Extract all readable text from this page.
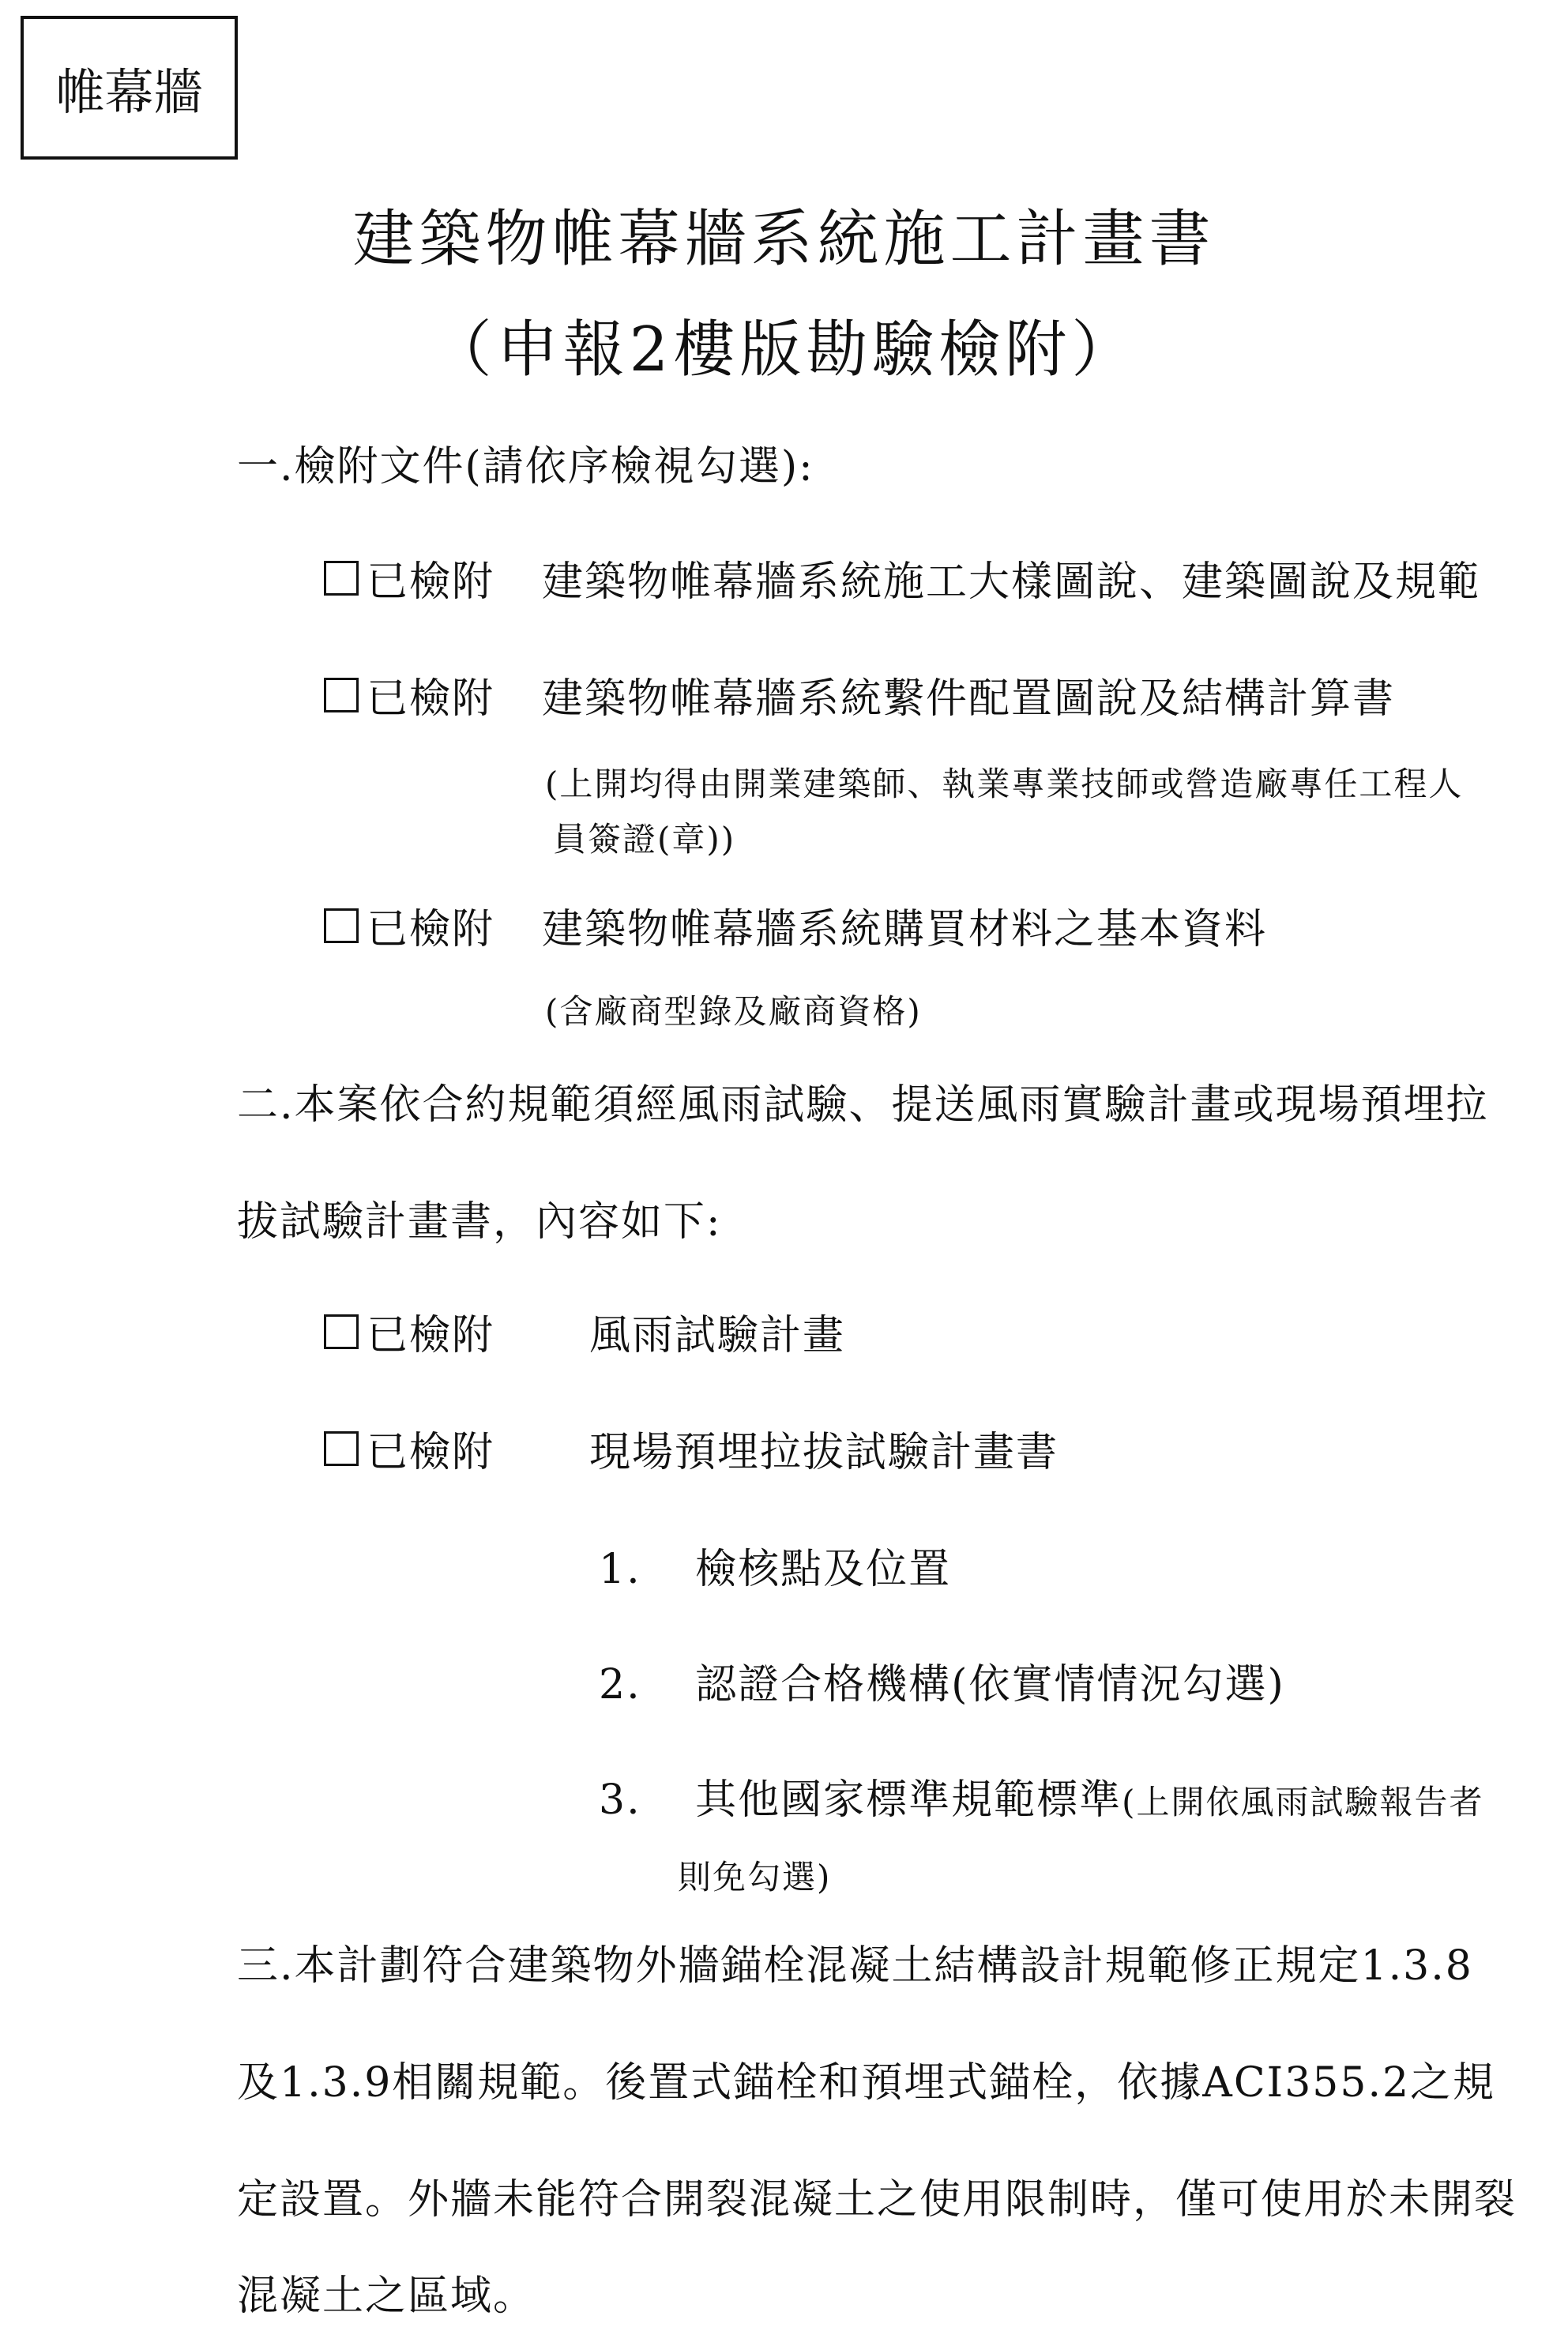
帷幕牆
建築物帷幕牆系統施工計畫書
（申報2樓版勘驗檢附）
一.檢附文件(請依序檢視勾選):
已檢附 建築物帷幕牆系統施工大樣圖說、建築圖說及規範
已檢附 建築物帷幕牆系統繫件配置圖說及結構計算書
(上開均得由開業建築師、執業專業技師或營造廠專任工程人
員簽證(章))
已檢附 建築物帷幕牆系統購買材料之基本資料
(含廠商型錄及廠商資格)
二.本案依合約規範須經風雨試驗、提送風雨實驗計畫或現場預埋拉
拔試驗計畫書，內容如下:
已檢附 風雨試驗計畫
已檢附 現場預埋拉拔試驗計畫書
1. 檢核點及位置
2. 認證合格機構(依實情情況勾選)
3. 其他國家標準規範標準(上開依風雨試驗報告者
則免勾選)
三.本計劃符合建築物外牆錨栓混凝土結構設計規範修正規定1.3.8
及1.3.9相關規範。後置式錨栓和預埋式錨栓，依據ACI355.2之規
定設置。外牆未能符合開裂混凝土之使用限制時，僅可使用於未開裂
混凝土之區域。
